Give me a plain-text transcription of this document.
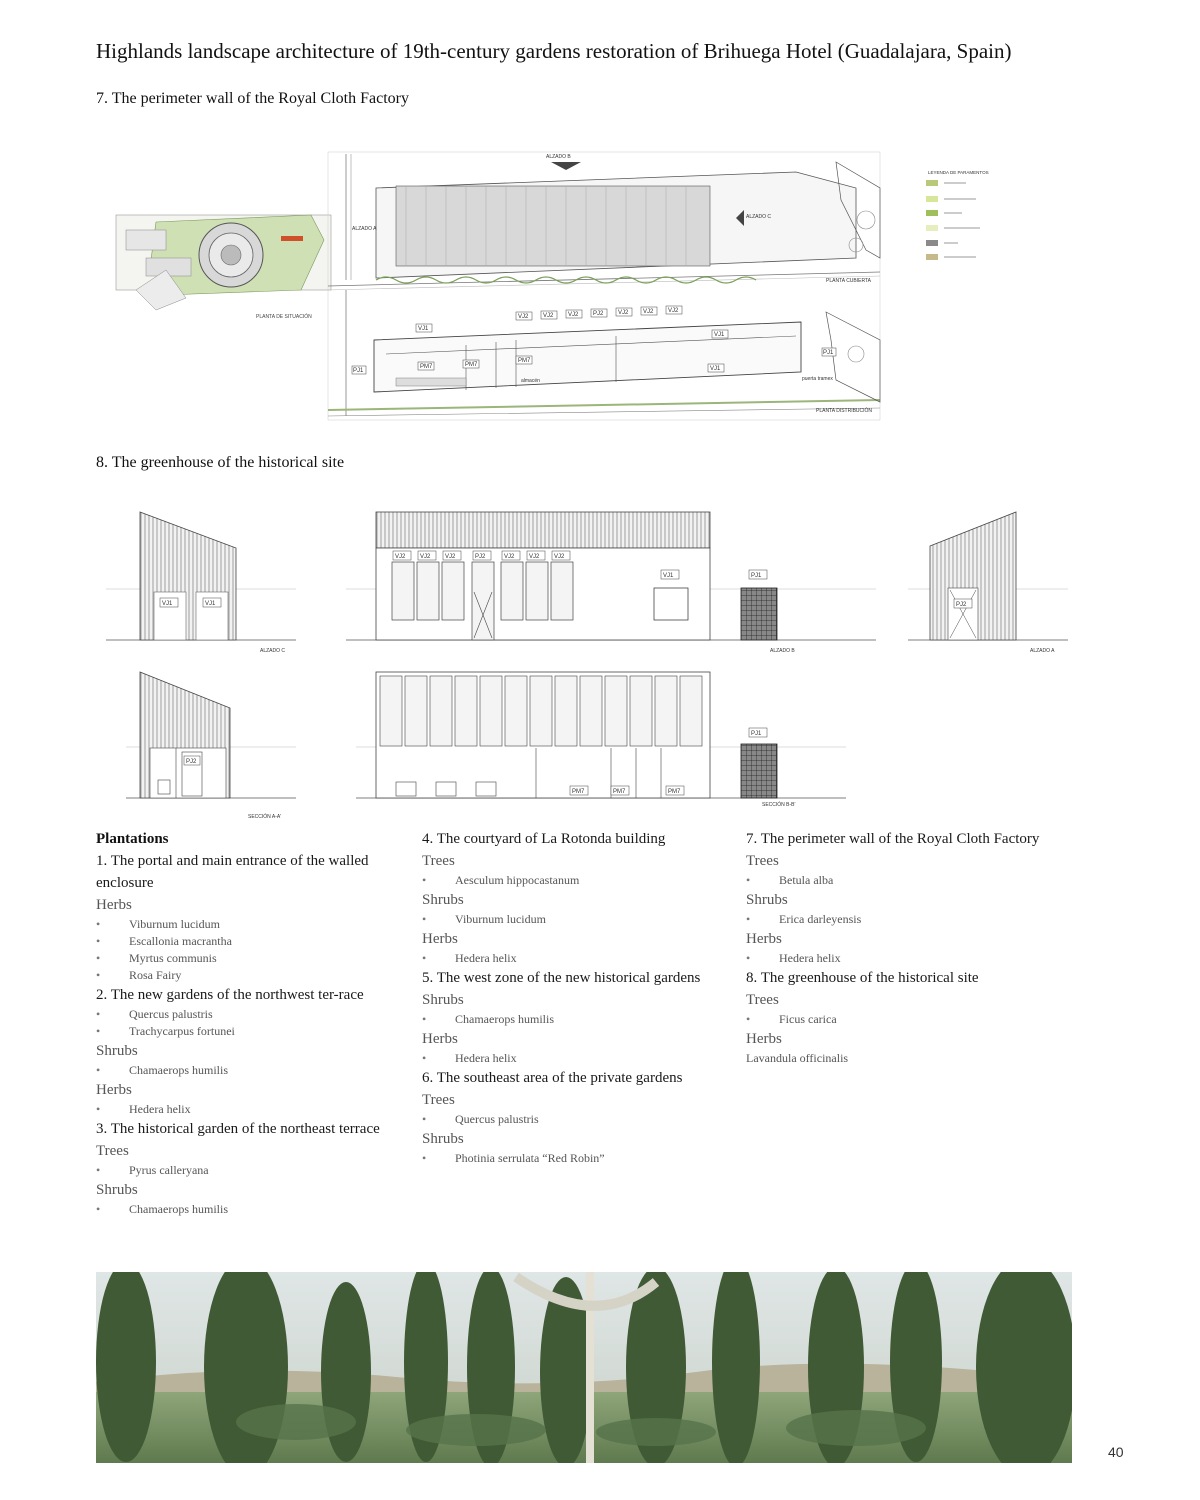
Highlands landscape architecture of 19th-century gardens restoration of Brihuega Hotel (Guadalajara, Spain)
7. The perimeter wall of the Royal Cloth Factory
PLANTA DE SITUACIÓN
ALZADO B
ALZADO A
ALZADO C
PLANTA CUBIERTA
VJ1
VJ1
VJ2 VJ2 VJ2 PJ2 VJ2 VJ2 VJ2
PM7	PM7
PM7
PJ1
PJ1
VJ1
almacén	puerta tramex
PLANTA DISTRIBUCIÓN
LEYENDA DE PARAMENTOS
8. The greenhouse of the historical site
VJ1	VJ1
ALZADO C
VJ2 VJ2 VJ2	PJ2	VJ2 VJ2 VJ2
VJ1	PJ1
ALZADO B
PJ2
ALZADO A
PJ2
SECCIÓN A-A'
PJ1
PM7	PM7	PM7
SECCIÓN B-B'
Plantations
1. The portal and main entrance of the walled enclosure
Herbs
• Viburnum lucidum
• Escallonia macrantha
• Myrtus communis
• Rosa Fairy
2. The new gardens of the northwest ter-race
• Quercus palustris
• Trachycarpus fortunei
Shrubs
• Chamaerops humilis
Herbs
• Hedera helix
3. The historical garden of the northeast terrace
Trees
• Pyrus calleryana
Shrubs
• Chamaerops humilis
4. The courtyard of La Rotonda building
Trees
• Aesculum hippocastanum
Shrubs
• Viburnum lucidum
Herbs
• Hedera helix
5. The west zone of the new historical gardens
Shrubs
• Chamaerops humilis
Herbs
• Hedera helix
6. The southeast area of the private gardens
Trees
• Quercus palustris
Shrubs
• Photinia serrulata “Red Robin”
7. The perimeter wall of the Royal Cloth Factory
Trees
• Betula alba
Shrubs
• Erica darleyensis
Herbs
• Hedera helix
8. The greenhouse of the historical site
Trees
• Ficus carica
Herbs
Lavandula officinalis
40
